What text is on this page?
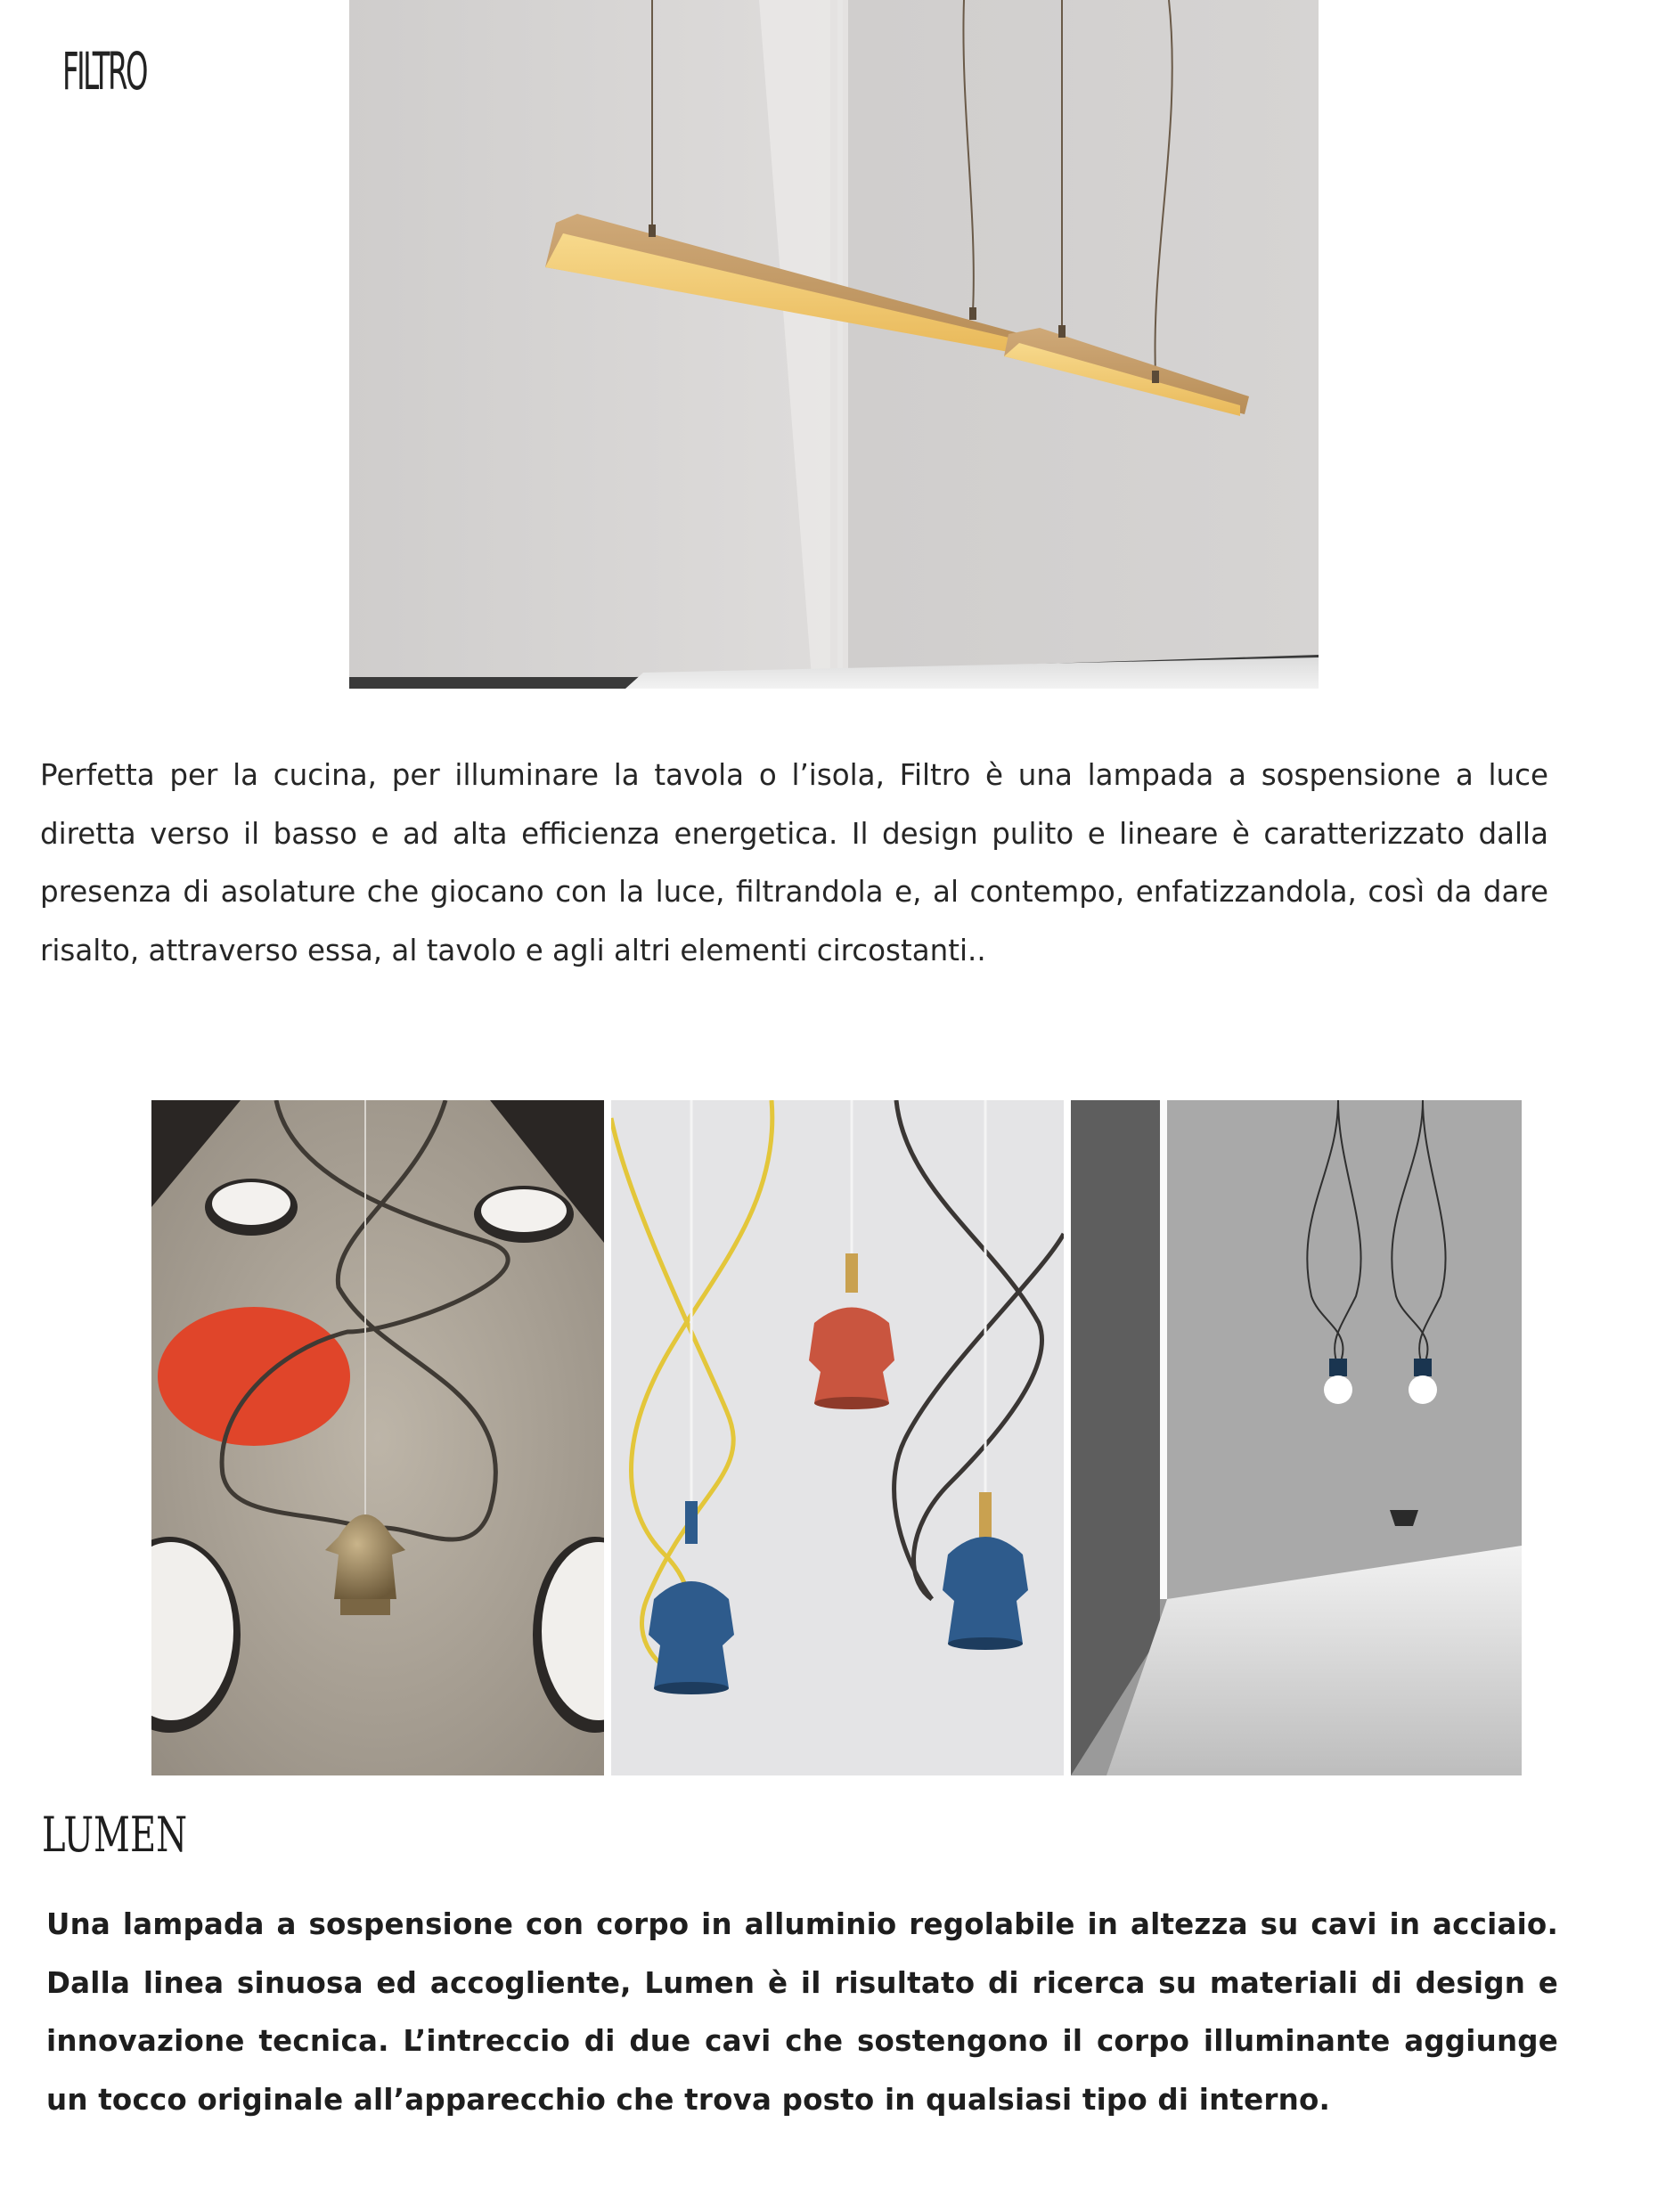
FILTRO

Perfetta per la cucina, per illuminare la tavola o l’isola, Filtro è una lampada a sospensione a luce diretta verso il basso e ad alta efficienza energetica. Il design pulito e lineare è caratterizzato dalla presenza di asolature che giocano con la luce, filtrandola e, al contempo, enfatizzandola, così da dare risalto, attraverso essa, al tavolo e agli altri elementi circostanti..

LUMEN

Una lampada a sospensione con corpo in alluminio regolabile in altezza su cavi in acciaio. Dalla linea sinuosa ed accogliente, Lumen è il risultato di ricerca su materiali di design e innovazione tecnica. L’intreccio di due cavi che sostengono il corpo illuminante aggiunge un tocco originale all’apparecchio che trova posto in qualsiasi tipo di interno.
